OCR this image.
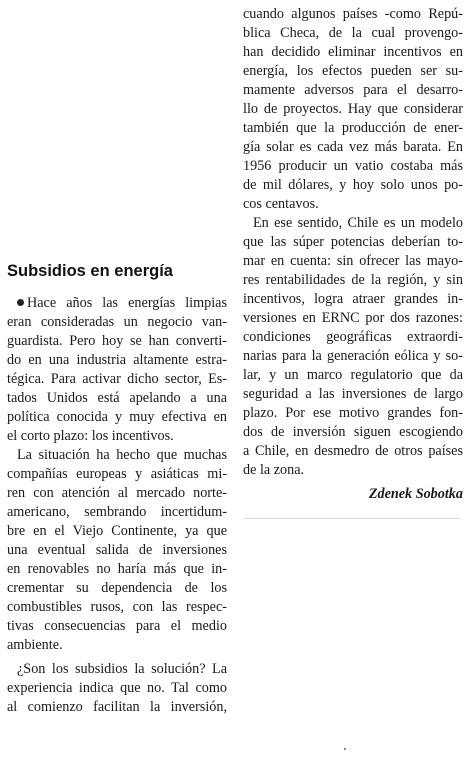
Subsidios en energía
Hace años las energías limpias
eran consideradas un negocio van-
guardista. Pero hoy se han converti-
do en una industria altamente estra-
tégica. Para activar dicho sector, Es-
tados Unidos está apelando a una
política conocida y muy efectiva en
el corto plazo: los incentivos.
La situación ha hecho que muchas
compañías europeas y asiáticas mi-
ren con atención al mercado norte-
americano, sembrando incertidum-
bre en el Viejo Continente, ya que
una eventual salida de inversiones
en renovables no haría más que in-
crementar su dependencia de los
combustibles rusos, con las respec-
tivas consecuencias para el medio
ambiente.
¿Son los subsidios la solución? La
experiencia indica que no. Tal como
al comienzo facilitan la inversión,
cuando algunos países -como Repú-
blica Checa, de la cual provengo-
han decidido eliminar incentivos en
energía, los efectos pueden ser su-
mamente adversos para el desarro-
llo de proyectos. Hay que considerar
también que la producción de ener-
gía solar es cada vez más barata. En
1956 producir un vatio costaba más
de mil dólares, y hoy solo unos po-
cos centavos.
En ese sentido, Chile es un modelo
que las súper potencias deberían to-
mar en cuenta: sin ofrecer las mayo-
res rentabilidades de la región, y sin
incentivos, logra atraer grandes in-
versiones en ERNC por dos razones:
condiciones geográficas extraordi-
narias para la generación eólica y so-
lar, y un marco regulatorio que da
seguridad a las inversiones de largo
plazo. Por ese motivo grandes fon-
dos de inversión siguen escogiendo
a Chile, en desmedro de otros países
de la zona.
Zdenek Sobotka
